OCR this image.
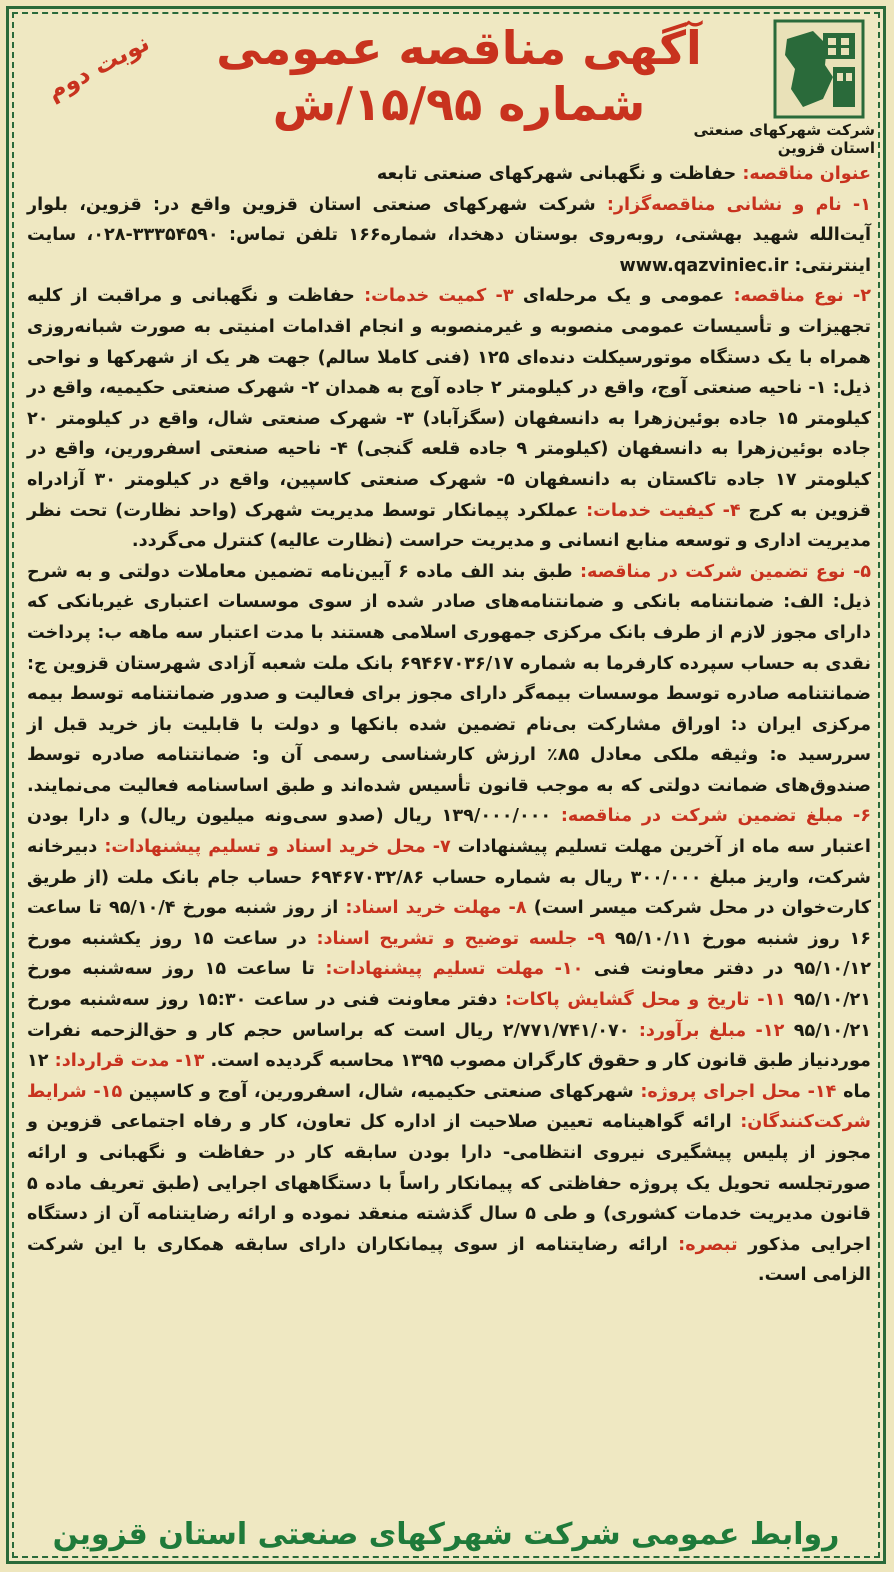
شرکت شهرکهای صنعتی استان قزوین
آگهی مناقصه عمومی
شماره ۱۵/۹۵/ش
نوبت دوم

عنوان مناقصه: حفاظت و نگهبانی شهرکهای صنعتی تابعه

۱- نام و نشانی مناقصه‌گزار: شرکت شهرکهای صنعتی استان قزوین واقع در: قزوین، بلوار آیت‌الله شهید بهشتی، روبه‌روی بوستان دهخدا، شماره۱۶۶ تلفن تماس: ۳۳۳۵۴۵۹۰-۰۲۸، سایت اینترنتی: www.qazviniec.ir

۲- نوع مناقصه: عمومی و یک مرحله‌ای ۳- کمیت خدمات: حفاظت و نگهبانی و مراقبت از کلیه تجهیزات و تأسیسات عمومی منصوبه و غیرمنصوبه و انجام اقدامات امنیتی به صورت شبانه‌روزی همراه با یک دستگاه موتورسیکلت دنده‌ای ۱۲۵ (فنی کاملا سالم) جهت هر یک از شهرکها و نواحی ذیل: ۱- ناحیه صنعتی آوج، واقع در کیلومتر ۲ جاده آوج به همدان ۲- شهرک صنعتی حکیمیه، واقع در کیلومتر ۱۵ جاده بوئین‌زهرا به دانسفهان (سگزآباد) ۳- شهرک صنعتی شال، واقع در کیلومتر ۲۰ جاده بوئین‌زهرا به دانسفهان (کیلومتر ۹ جاده قلعه گنجی) ۴- ناحیه صنعتی اسفرورین، واقع در کیلومتر ۱۷ جاده تاکستان به دانسفهان ۵- شهرک صنعتی کاسپین، واقع در کیلومتر ۳۰ آزادراه قزوین به کرج ۴- کیفیت خدمات: عملکرد پیمانکار توسط مدیریت شهرک (واحد نظارت) تحت نظر مدیریت اداری و توسعه منابع انسانی و مدیریت حراست (نظارت عالیه) کنترل می‌گردد.

۵- نوع تضمین شرکت در مناقصه: طبق بند الف ماده ۶ آیین‌نامه تضمین معاملات دولتی و به شرح ذیل: الف: ضمانتنامه بانکی و ضمانتنامه‌های صادر شده از سوی موسسات اعتباری غیربانکی که دارای مجوز لازم از طرف بانک مرکزی جمهوری اسلامی هستند با مدت اعتبار سه ماهه ب: پرداخت نقدی به حساب سپرده کارفرما به شماره ۶۹۴۶۷۰۳۶/۱۷ بانک ملت شعبه آزادی شهرستان قزوین ج: ضمانتنامه صادره توسط موسسات بیمه‌گر دارای مجوز برای فعالیت و صدور ضمانتنامه توسط بیمه مرکزی ایران د: اوراق مشارکت بی‌نام تضمین شده بانکها و دولت با قابلیت باز خرید قبل از سررسید ه: وثیقه ملکی معادل ۸۵٪ ارزش کارشناسی رسمی آن و: ضمانتنامه صادره توسط صندوق‌های ضمانت دولتی که به موجب قانون تأسیس شده‌اند و طبق اساسنامه فعالیت می‌نمایند. ۶- مبلغ تضمین شرکت در مناقصه: ۱۳۹/۰۰۰/۰۰۰ ریال (صدو سی‌ونه میلیون ریال) و دارا بودن اعتبار سه ماه از آخرین مهلت تسلیم پیشنهادات ۷- محل خرید اسناد و تسلیم پیشنهادات: دبیرخانه شرکت، واریز مبلغ ۳۰۰/۰۰۰ ریال به شماره حساب ۶۹۴۶۷۰۳۲/۸۶ حساب جام بانک ملت (از طریق کارت‌خوان در محل شرکت میسر است) ۸- مهلت خرید اسناد: از روز شنبه مورخ ۹۵/۱۰/۴ تا ساعت ۱۶ روز شنبه مورخ ۹۵/۱۰/۱۱ ۹- جلسه توضیح و تشریح اسناد: در ساعت ۱۵ روز یکشنبه مورخ ۹۵/۱۰/۱۲ در دفتر معاونت فنی ۱۰- مهلت تسلیم پیشنهادات: تا ساعت ۱۵ روز سه‌شنبه مورخ ۹۵/۱۰/۲۱ ۱۱- تاریخ و محل گشایش پاکات: دفتر معاونت فنی در ساعت ۱۵:۳۰ روز سه‌شنبه مورخ ۹۵/۱۰/۲۱ ۱۲- مبلغ برآورد: ۲/۷۷۱/۷۴۱/۰۷۰ ریال است که براساس حجم کار و حق‌الزحمه نفرات موردنیاز طبق قانون کار و حقوق کارگران مصوب ۱۳۹۵ محاسبه گردیده است. ۱۳- مدت قرارداد: ۱۲ ماه ۱۴- محل اجرای پروژه: شهرکهای صنعتی حکیمیه، شال، اسفرورین، آوج و کاسپین ۱۵- شرایط شرکت‌کنندگان: ارائه گواهینامه تعیین صلاحیت از اداره کل تعاون، کار و رفاه اجتماعی قزوین و مجوز از پلیس پیشگیری نیروی انتظامی- دارا بودن سابقه کار در حفاظت و نگهبانی و ارائه صورتجلسه تحویل یک پروژه حفاظتی که پیمانکار راساً با دستگاههای اجرایی (طبق تعریف ماده ۵ قانون مدیریت خدمات کشوری) و طی ۵ سال گذشته منعقد نموده و ارائه رضایتنامه آن از دستگاه اجرایی مذکور تبصره: ارائه رضایتنامه از سوی پیمانکاران دارای سابقه همکاری با این شرکت الزامی است.

روابط عمومی شرکت شهرکهای صنعتی استان قزوین
